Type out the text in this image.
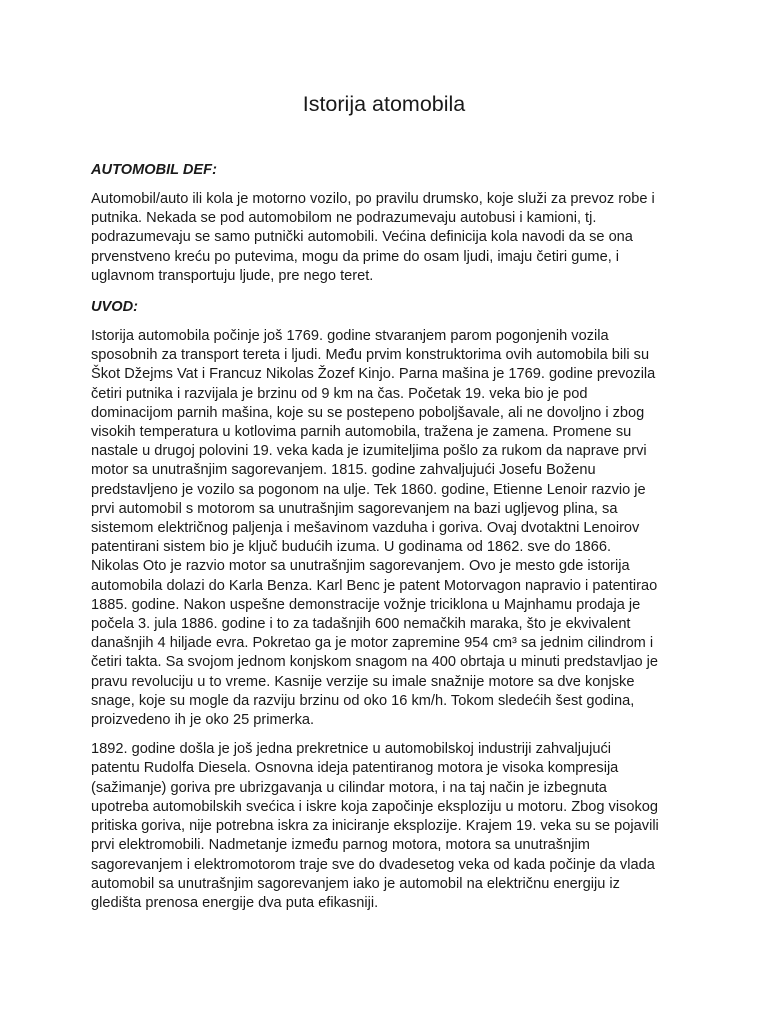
Istorija atomobila

AUTOMOBIL DEF:

Automobil/auto ili kola je motorno vozilo, po pravilu drumsko, koje služi za prevoz robe i
putnika. Nekada se pod automobilom ne podrazumevaju autobusi i kamioni, tj.
podrazumevaju se samo putnički automobili. Većina definicija kola navodi da se ona
prvenstveno kreću po putevima, mogu da prime do osam ljudi, imaju četiri gume, i
uglavnom transportuju ljude, pre nego teret.

UVOD:

Istorija automobila počinje još 1769. godine stvaranjem parom pogonjenih vozila
sposobnih za transport tereta i ljudi. Među prvim konstruktorima ovih automobila bili su
Škot Džejms Vat i Francuz Nikolas Žozef Kinjo. Parna mašina je 1769. godine prevozila
četiri putnika i razvijala je brzinu od 9 km na čas. Početak 19. veka bio je pod
dominacijom parnih mašina, koje su se postepeno poboljšavale, ali ne dovoljno i zbog
visokih temperatura u kotlovima parnih automobila, tražena je zamena. Promene su
nastale u drugoj polovini 19. veka kada je izumiteljima pošlo za rukom da naprave prvi
motor sa unutrašnjim sagorevanjem. 1815. godine zahvaljujući Josefu Boženu
predstavljeno je vozilo sa pogonom na ulje. Tek 1860. godine, Etienne Lenoir razvio je
prvi automobil s motorom sa unutrašnjim sagorevanjem na bazi ugljevog plina, sa
sistemom električnog paljenja i mešavinom vazduha i goriva. Ovaj dvotaktni Lenoirov
patentirani sistem bio je ključ budućih izuma. U godinama od 1862. sve do 1866.
Nikolas Oto je razvio motor sa unutrašnjim sagorevanjem. Ovo je mesto gde istorija
automobila dolazi do Karla Benza. Karl Benc je patent Motorvagon napravio i patentirao
1885. godine. Nakon uspešne demonstracije vožnje triciklona u Majnhamu prodaja je
počela 3. jula 1886. godine i to za tadašnjih 600 nemačkih maraka, što je ekvivalent
današnjih 4 hiljade evra. Pokretao ga je motor zapremine 954 cm³ sa jednim cilindrom i
četiri takta. Sa svojom jednom konjskom snagom na 400 obrtaja u minuti predstavljao je
pravu revoluciju u to vreme. Kasnije verzije su imale snažnije motore sa dve konjske
snage, koje su mogle da razviju brzinu od oko 16 km/h. Tokom sledećih šest godina,
proizvedeno ih je oko 25 primerka.

1892. godine došla je još jedna prekretnice u automobilskoj industriji zahvaljujući
patentu Rudolfa Diesela. Osnovna ideja patentiranog motora je visoka kompresija
(sažimanje) goriva pre ubrizgavanja u cilindar motora, i na taj način je izbegnuta
upotreba automobilskih svećica i iskre koja započinje eksploziju u motoru. Zbog visokog
pritiska goriva, nije potrebna iskra za iniciranje eksplozije. Krajem 19. veka su se pojavili
prvi elektromobili. Nadmetanje između parnog motora, motora sa unutrašnjim
sagorevanjem i elektromotorom traje sve do dvadesetog veka od kada počinje da vlada
automobil sa unutrašnjim sagorevanjem iako je automobil na električnu energiju iz
gledišta prenosa energije dva puta efikasniji.
